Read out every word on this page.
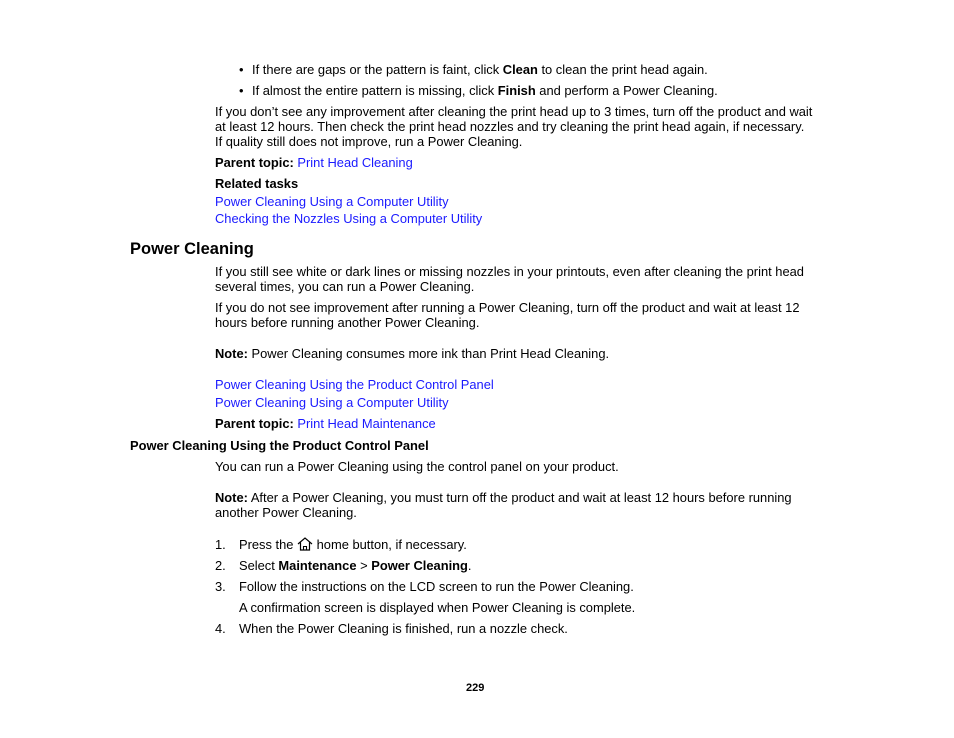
• If there are gaps or the pattern is faint, click Clean to clean the print head again.
• If almost the entire pattern is missing, click Finish and perform a Power Cleaning.
If you don’t see any improvement after cleaning the print head up to 3 times, turn off the product and wait
at least 12 hours. Then check the print head nozzles and try cleaning the print head again, if necessary.
If quality still does not improve, run a Power Cleaning.
Parent topic: Print Head Cleaning
Related tasks
Power Cleaning Using a Computer Utility
Checking the Nozzles Using a Computer Utility
Power Cleaning
If you still see white or dark lines or missing nozzles in your printouts, even after cleaning the print head
several times, you can run a Power Cleaning.
If you do not see improvement after running a Power Cleaning, turn off the product and wait at least 12
hours before running another Power Cleaning.
Note: Power Cleaning consumes more ink than Print Head Cleaning.
Power Cleaning Using the Product Control Panel
Power Cleaning Using a Computer Utility
Parent topic: Print Head Maintenance
Power Cleaning Using the Product Control Panel
You can run a Power Cleaning using the control panel on your product.
Note: After a Power Cleaning, you must turn off the product and wait at least 12 hours before running
another Power Cleaning.
1. Press the  home button, if necessary.
2. Select Maintenance > Power Cleaning.
3. Follow the instructions on the LCD screen to run the Power Cleaning.
A confirmation screen is displayed when Power Cleaning is complete.
4. When the Power Cleaning is finished, run a nozzle check.
229
